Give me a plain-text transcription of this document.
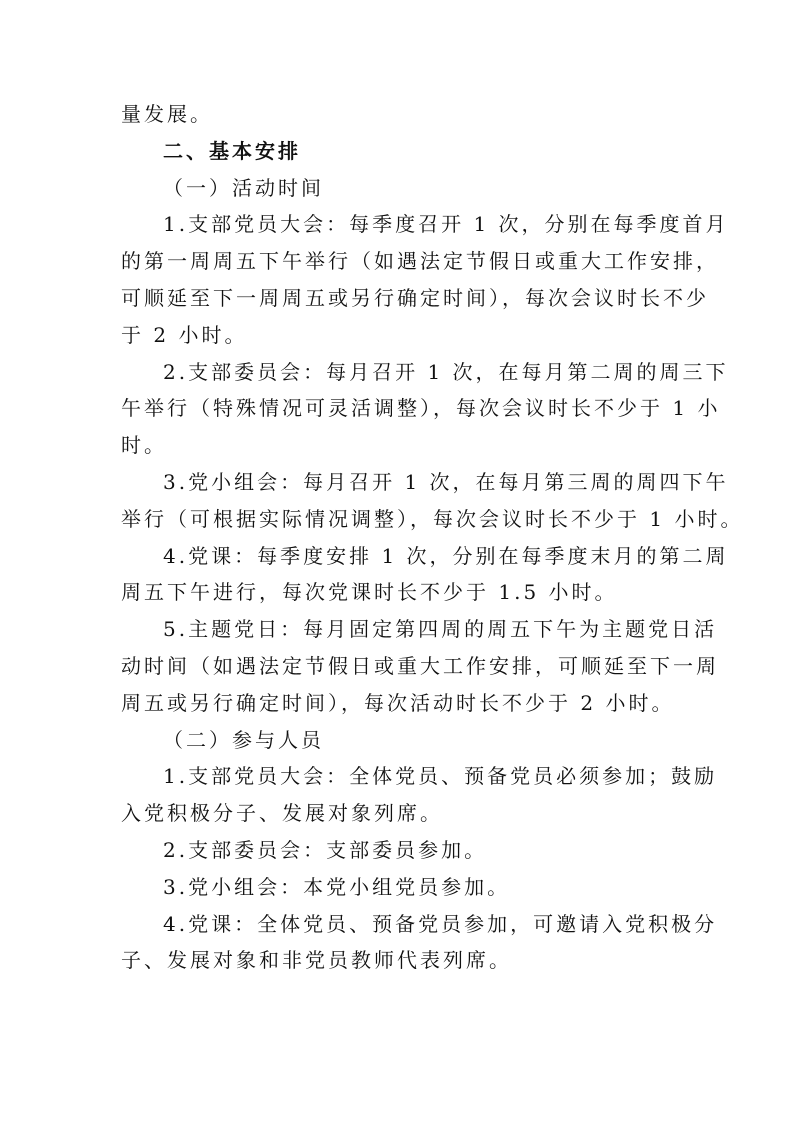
量发展。
二、基本安排
（一）活动时间
1.支部党员大会：每季度召开 1 次，分别在每季度首月
的第一周周五下午举行（如遇法定节假日或重大工作安排，
可顺延至下一周周五或另行确定时间），每次会议时长不少
于 2 小时。
2.支部委员会：每月召开 1 次，在每月第二周的周三下
午举行（特殊情况可灵活调整），每次会议时长不少于 1 小
时。
3.党小组会：每月召开 1 次，在每月第三周的周四下午
举行（可根据实际情况调整），每次会议时长不少于 1 小时。
4.党课：每季度安排 1 次，分别在每季度末月的第二周
周五下午进行，每次党课时长不少于 1.5 小时。
5.主题党日：每月固定第四周的周五下午为主题党日活
动时间（如遇法定节假日或重大工作安排，可顺延至下一周
周五或另行确定时间），每次活动时长不少于 2 小时。
（二）参与人员
1.支部党员大会：全体党员、预备党员必须参加；鼓励
入党积极分子、发展对象列席。
2.支部委员会：支部委员参加。
3.党小组会：本党小组党员参加。
4.党课：全体党员、预备党员参加，可邀请入党积极分
子、发展对象和非党员教师代表列席。
